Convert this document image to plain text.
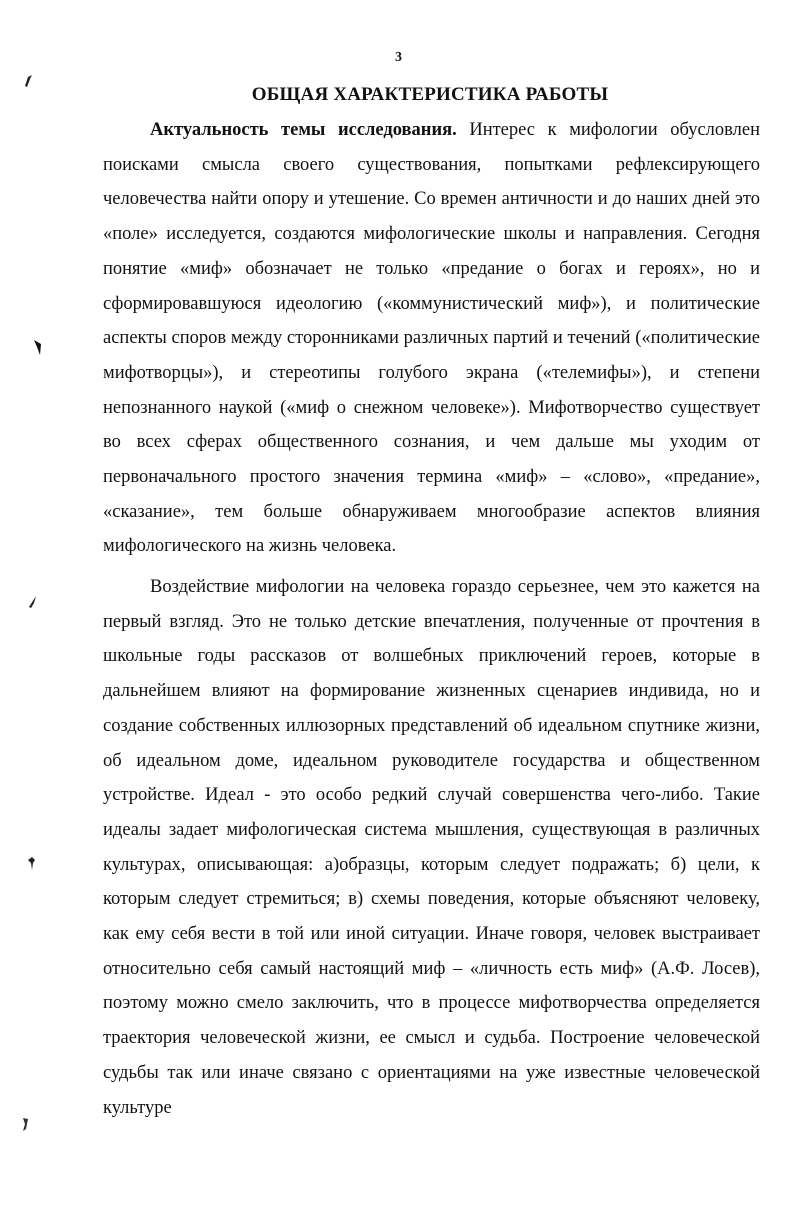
3
ОБЩАЯ ХАРАКТЕРИСТИКА РАБОТЫ

Актуальность темы исследования. Интерес к мифологии обусловлен поисками смысла своего существования, попытками рефлексирующего человечества найти опору и утешение. Со времен античности и до наших дней это «поле» исследуется, создаются мифологические школы и направления. Сегодня понятие «миф» обозначает не только «предание о богах и героях», но и сформировавшуюся идеологию («коммунистический миф»), и политические аспекты споров между сторонниками различных партий и течений («политические мифотворцы»), и стереотипы голубого экрана («телемифы»), и степени непознанного наукой («миф о снежном человеке»). Мифотворчество существует во всех сферах общественного сознания, и чем дальше мы уходим от первоначального простого значения термина «миф» – «слово», «предание», «сказание», тем больше обнаруживаем многообразие аспектов влияния мифологического на жизнь человека.

Воздействие мифологии на человека гораздо серьезнее, чем это кажется на первый взгляд. Это не только детские впечатления, полученные от прочтения в школьные годы рассказов от волшебных приключений героев, которые в дальнейшем влияют на формирование жизненных сценариев индивида, но и создание собственных иллюзорных представлений об идеальном спутнике жизни, об идеальном доме, идеальном руководителе государства и общественном устройстве. Идеал - это особо редкий случай совершенства чего-либо. Такие идеалы задает мифологическая система мышления, существующая в различных культурах, описывающая: а)образцы, которым следует подражать; б) цели, к которым следует стремиться; в) схемы поведения, которые объясняют человеку, как ему себя вести в той или иной ситуации. Иначе говоря, человек выстраивает относительно себя самый настоящий миф – «личность есть миф» (А.Ф. Лосев), поэтому можно смело заключить, что в процессе мифотворчества определяется траектория человеческой жизни, ее смысл и судьба. Построение человеческой судьбы так или иначе связано с ориентациями на уже известные человеческой культуре
